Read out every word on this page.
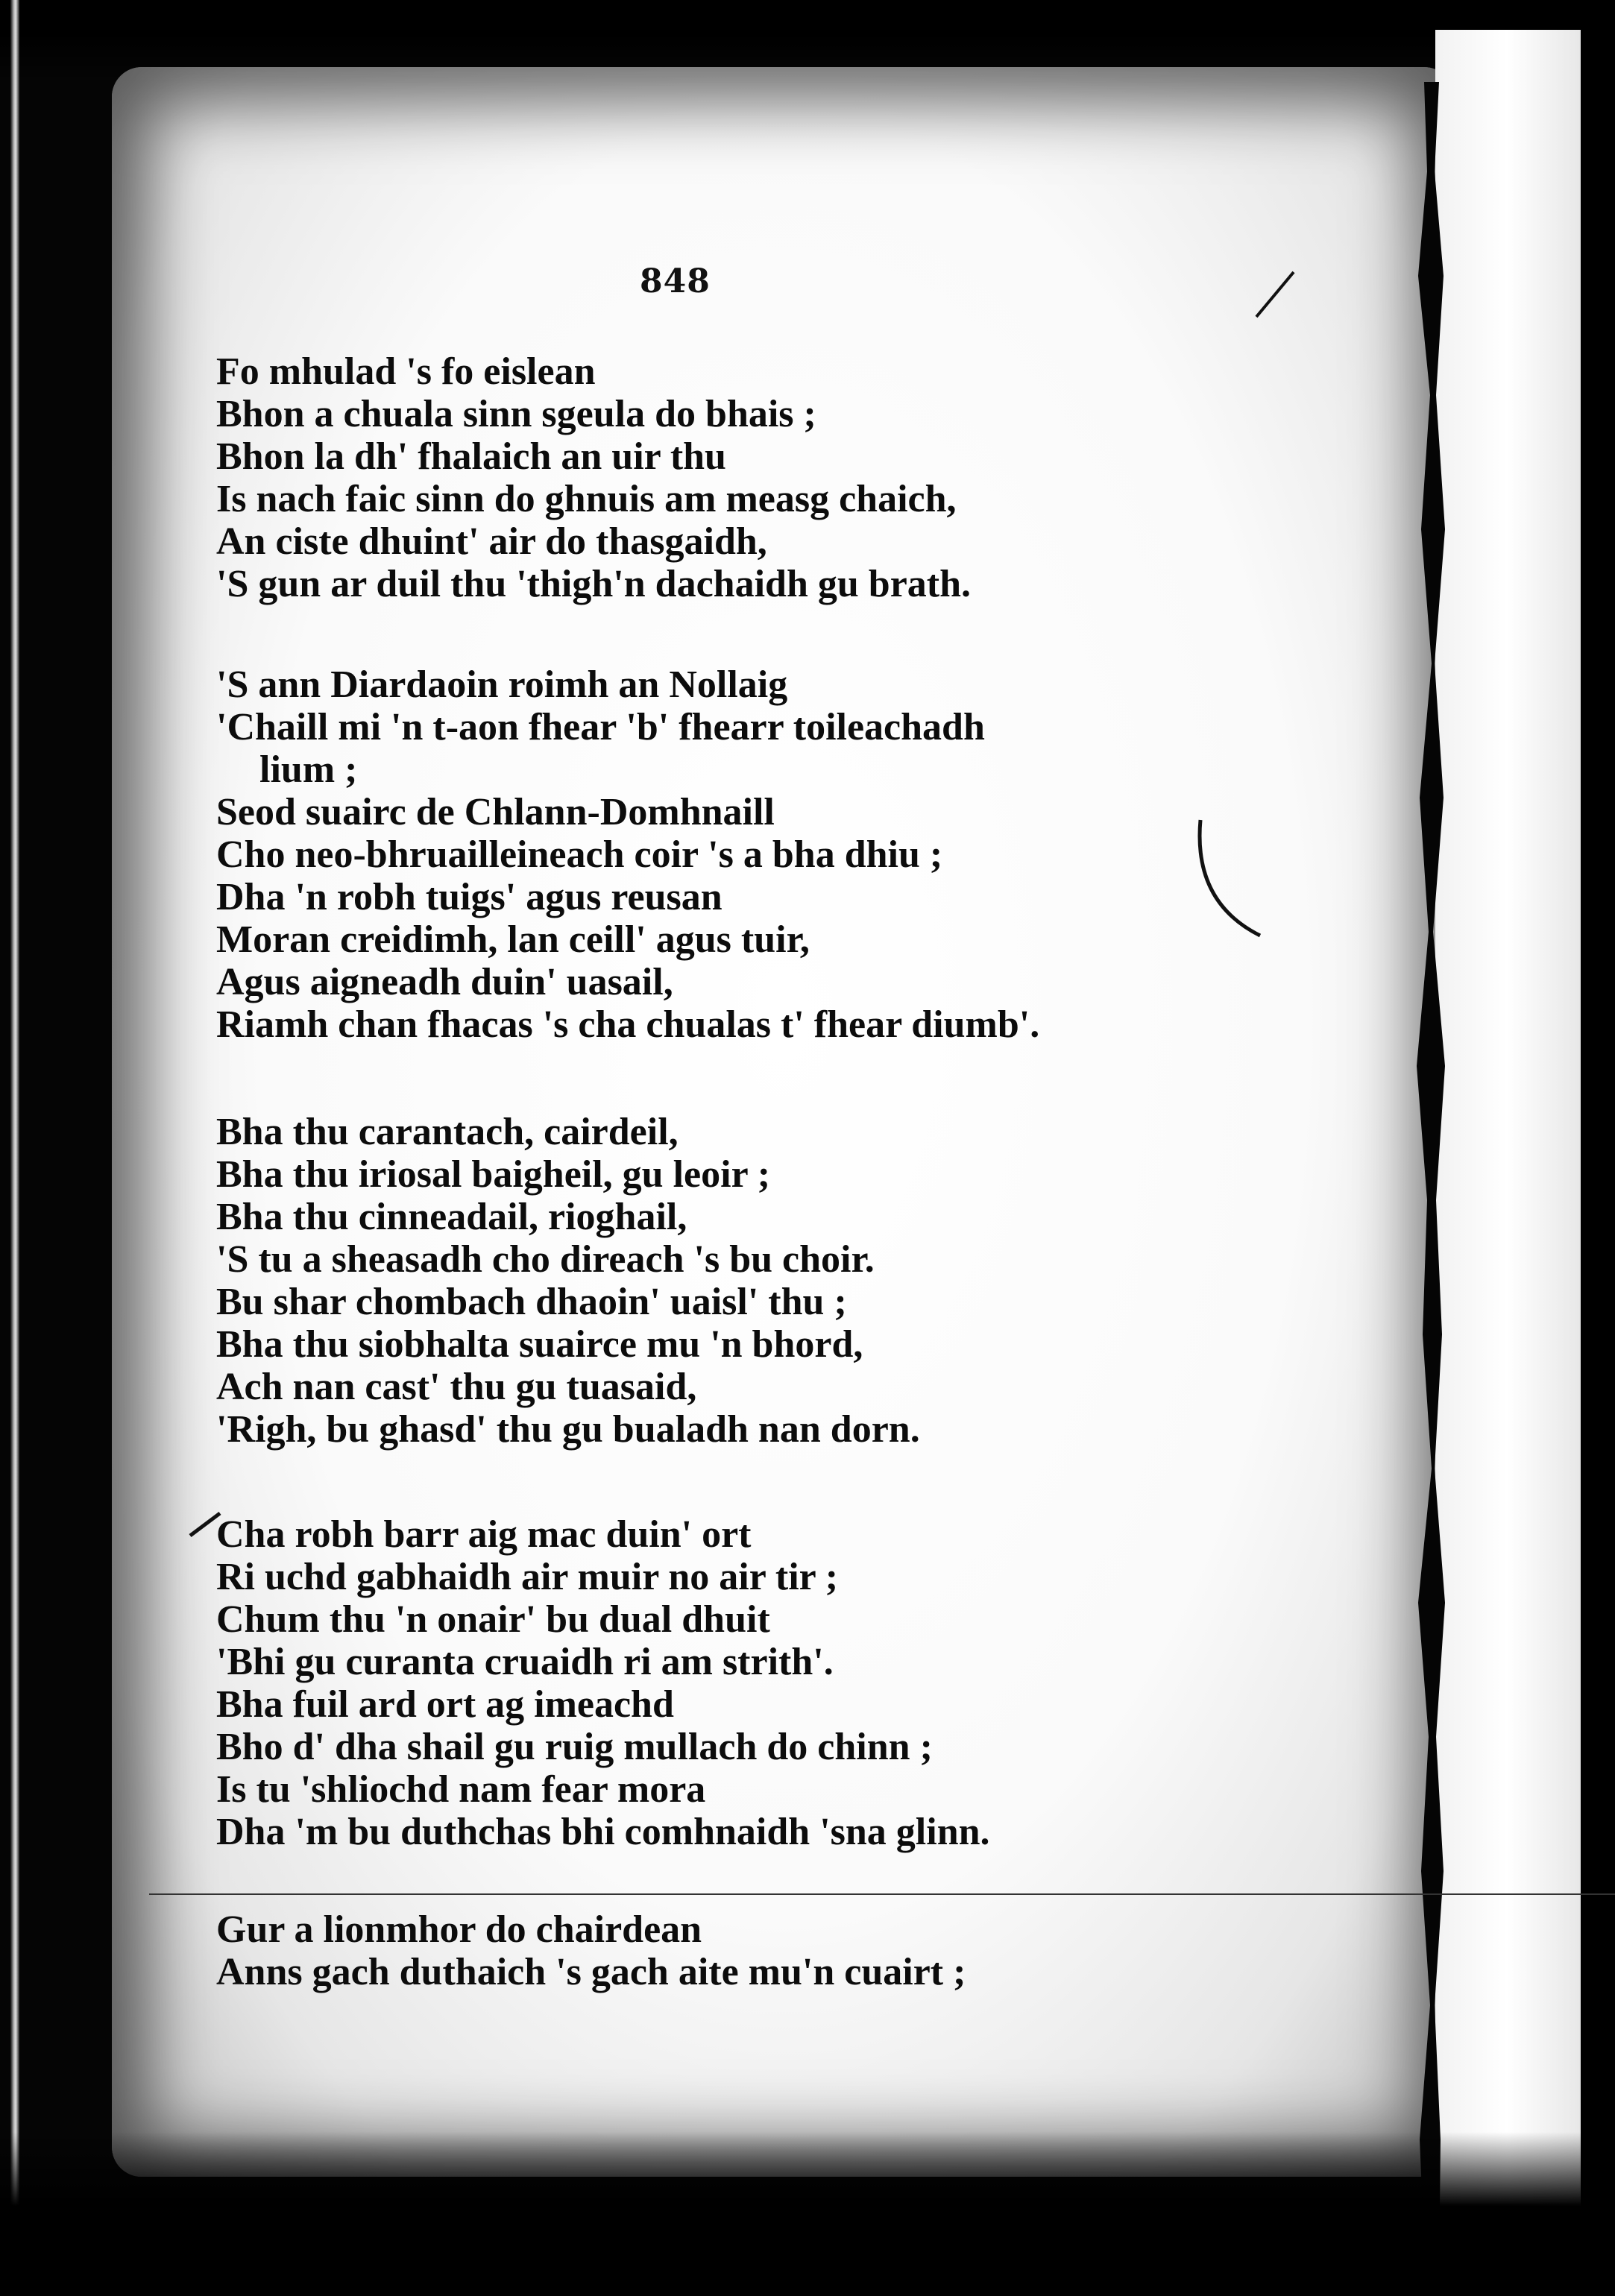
848
Fo mhulad 's fo eislean
Bhon a chuala sinn sgeula do bhais ;
Bhon la dh' fhalaich an uir thu
Is nach faic sinn do ghnuis am measg chaich,
An ciste dhuint' air do thasgaidh,
'S gun ar duil thu 'thigh'n dachaidh gu brath.
'S ann Diardaoin roimh an Nollaig
'Chaill mi 'n t-aon fhear 'b' fhearr toileachadh
lium ;
Seod suairc de Chlann-Domhnaill
Cho neo-bhruailleineach coir 's a bha dhiu ;
Dha 'n robh tuigs' agus reusan
Moran creidimh, lan ceill' agus tuir,
Agus aigneadh duin' uasail,
Riamh chan fhacas 's cha chualas t' fhear diumb'.
Bha thu carantach, cairdeil,
Bha thu iriosal baigheil, gu leoir ;
Bha thu cinneadail, rioghail,
'S tu a sheasadh cho direach 's bu choir.
Bu shar chombach dhaoin' uaisl' thu ;
Bha thu siobhalta suairce mu 'n bhord,
Ach nan cast' thu gu tuasaid,
'Righ, bu ghasd' thu gu bualadh nan dorn.
Cha robh barr aig mac duin' ort
Ri uchd gabhaidh air muir no air tir ;
Chum thu 'n onair' bu dual dhuit
'Bhi gu curanta cruaidh ri am strith'.
Bha fuil ard ort ag imeachd
Bho d' dha shail gu ruig mullach do chinn ;
Is tu 'shliochd nam fear mora
Dha 'm bu duthchas bhi comhnaidh 'sna glinn.
Gur a lionmhor do chairdean
Anns gach duthaich 's gach aite mu'n cuairt ;
